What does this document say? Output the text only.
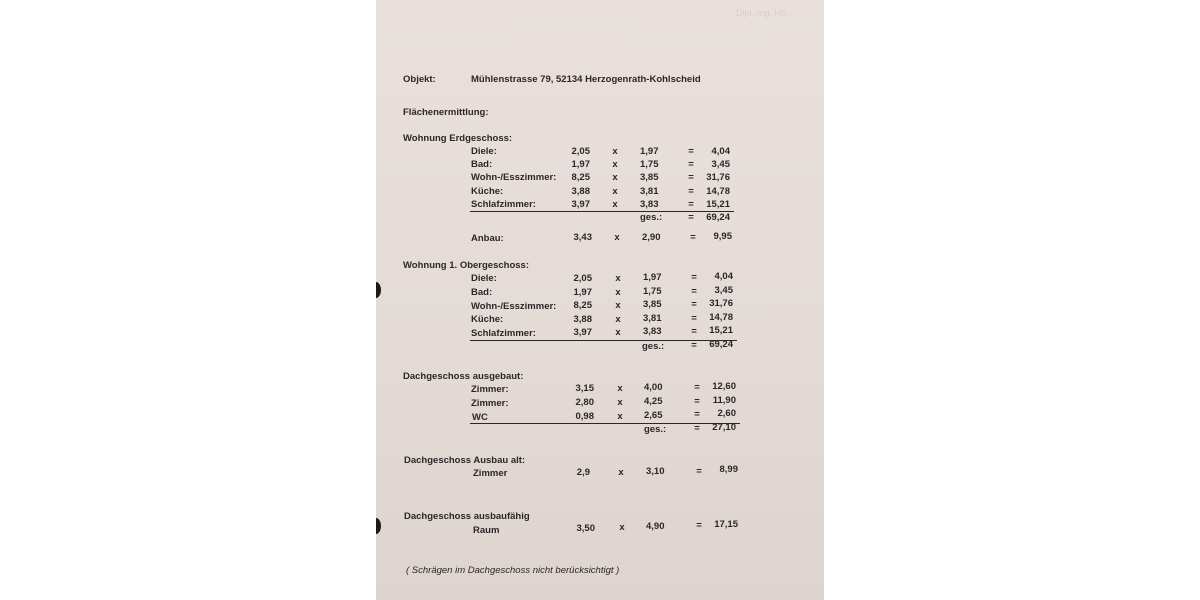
Dipl.-Ing. Hö...
Objekt:	Mühlenstrasse 79, 52134 Herzogenrath-Kohlscheid
Flächenermittlung:
Wohnung Erdgeschoss:
Diele:	2,05 x 1,97	=	4,04
Bad:	1,97 x 1,75	=	3,45
Wohn-/Esszimmer:	8,25 x 3,85	=	31,76
Küche:	3,88 x 3,81	=	14,78
Schlafzimmer:	3,97 x 3,83	=	15,21
ges.:	=	69,24
Anbau:	3,43 x 2,90	=	9,95
Wohnung 1. Obergeschoss:
Diele:	2,05 x 1,97	=	4,04
Bad:	1,97 x 1,75	=	3,45
Wohn-/Esszimmer:	8,25 x 3,85	=	31,76
Küche:	3,88 x 3,81	=	14,78
Schlafzimmer:	3,97 x 3,83	=	15,21
ges.:	=	69,24
Dachgeschoss ausgebaut:
Zimmer:	3,15 x 4,00	=	12,60
Zimmer:	2,80 x 4,25	=	11,90
WC	0,98 x 2,65	=	2,60
ges.:	=	27,10
Dachgeschoss Ausbau alt:
Zimmer	2,9	x 3,10	=	8,99
Dachgeschoss ausbaufähig
Raum	3,50	x 4,90	=	17,15
( Schrägen im Dachgeschoss nicht berücksichtigt )
